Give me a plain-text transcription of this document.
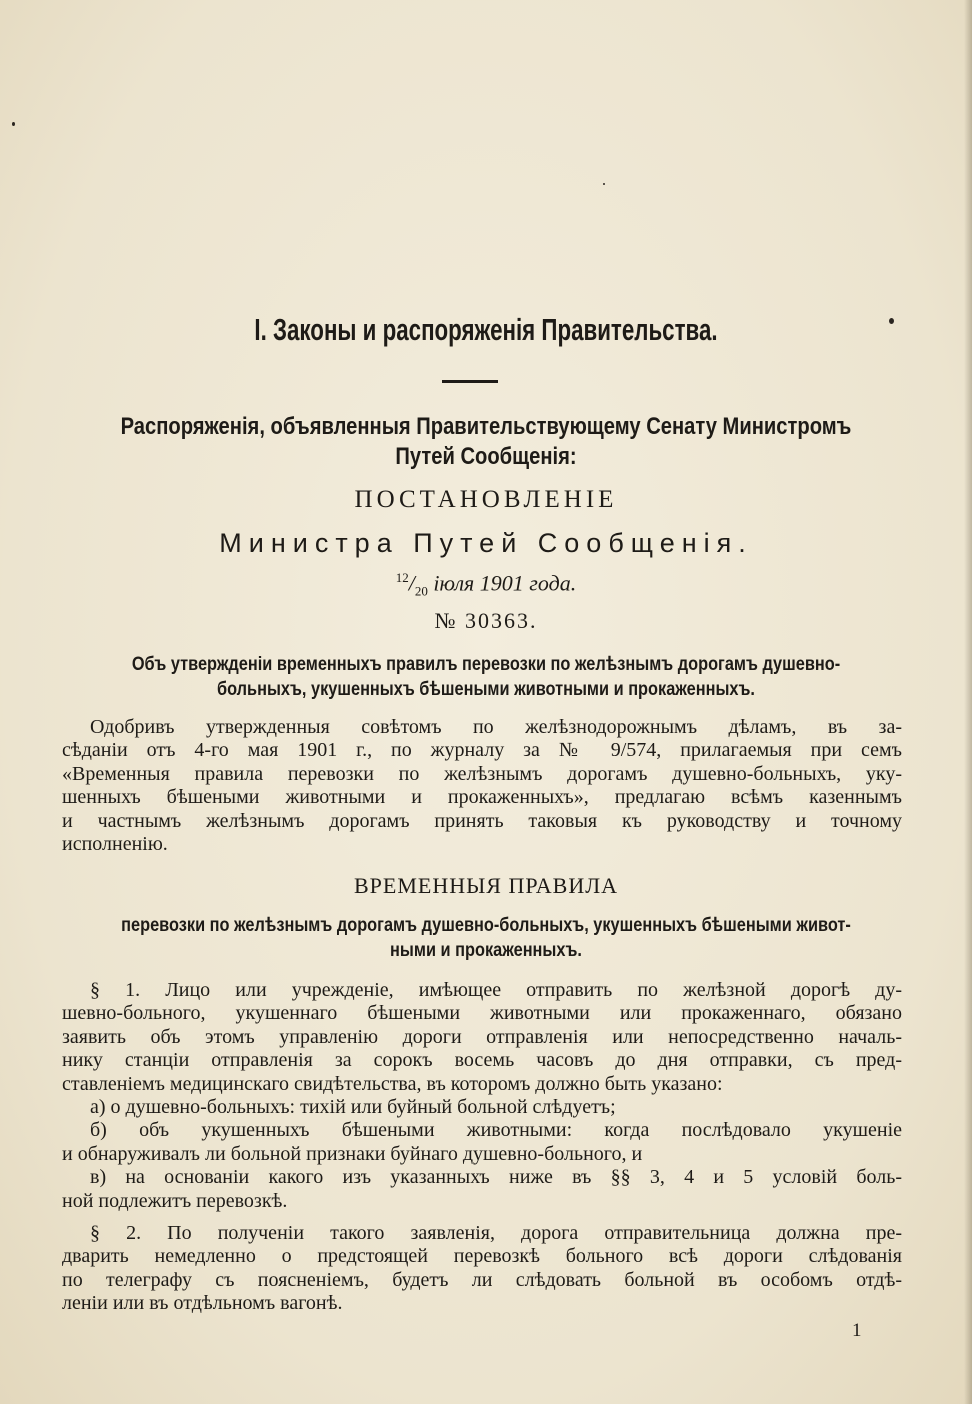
I. Законы и распоряженія Правительства.
Распоряженія, объявленныя Правительствующему Сенату Министромъ
Путей Сообщенія:
ПОСТАНОВЛЕНІЕ
Министра Путей Сообщенія.
$^{12}/_{20}$ іюля 1901 года.
№ 30363.
Объ утвержденіи временныхъ правилъ перевозки по желѣзнымъ дорогамъ душевно-
больныхъ, укушенныхъ бѣшеными животными и прокаженныхъ.
Одобривъ утвержденныя совѣтомъ по желѣзнодорожнымъ дѣламъ, въ за-
сѣданіи отъ 4-го мая 1901 г., по журналу за № 9/574, прилагаемыя при семъ
«Временныя правила перевозки по желѣзнымъ дорогамъ душевно-больныхъ, уку-
шенныхъ бѣшеными животными и прокаженныхъ», предлагаю всѣмъ казеннымъ
и частнымъ желѣзнымъ дорогамъ принять таковыя къ руководству и точному
исполненію.
ВРЕМЕННЫЯ ПРАВИЛА
перевозки по желѣзнымъ дорогамъ душевно-больныхъ, укушенныхъ бѣшеными живот-
ными и прокаженныхъ.
§ 1. Лицо или учрежденіе, имѣющее отправить по желѣзной дорогѣ ду-
шевно-больного, укушеннаго бѣшеными животными или прокаженнаго, обязано
заявить объ этомъ управленію дороги отправленія или непосредственно началь-
нику станціи отправленія за сорокъ восемь часовъ до дня отправки, съ пред-
ставленіемъ медицинскаго свидѣтельства, въ которомъ должно быть указано:
а) о душевно-больныхъ: тихій или буйный больной слѣдуетъ;
б) объ укушенныхъ бѣшеными животными: когда послѣдовало укушеніе
и обнаруживалъ ли больной признаки буйнаго душевно-больного, и
в) на основаніи какого изъ указанныхъ ниже въ §§ 3, 4 и 5 условій боль-
ной подлежитъ перевозкѣ.
§ 2. По полученіи такого заявленія, дорога отправительница должна пре-
дварить немедленно о предстоящей перевозкѣ больного всѣ дороги слѣдованія
по телеграфу съ поясненіемъ, будетъ ли слѣдовать больной въ особомъ отдѣ-
леніи или въ отдѣльномъ вагонѣ.
1
